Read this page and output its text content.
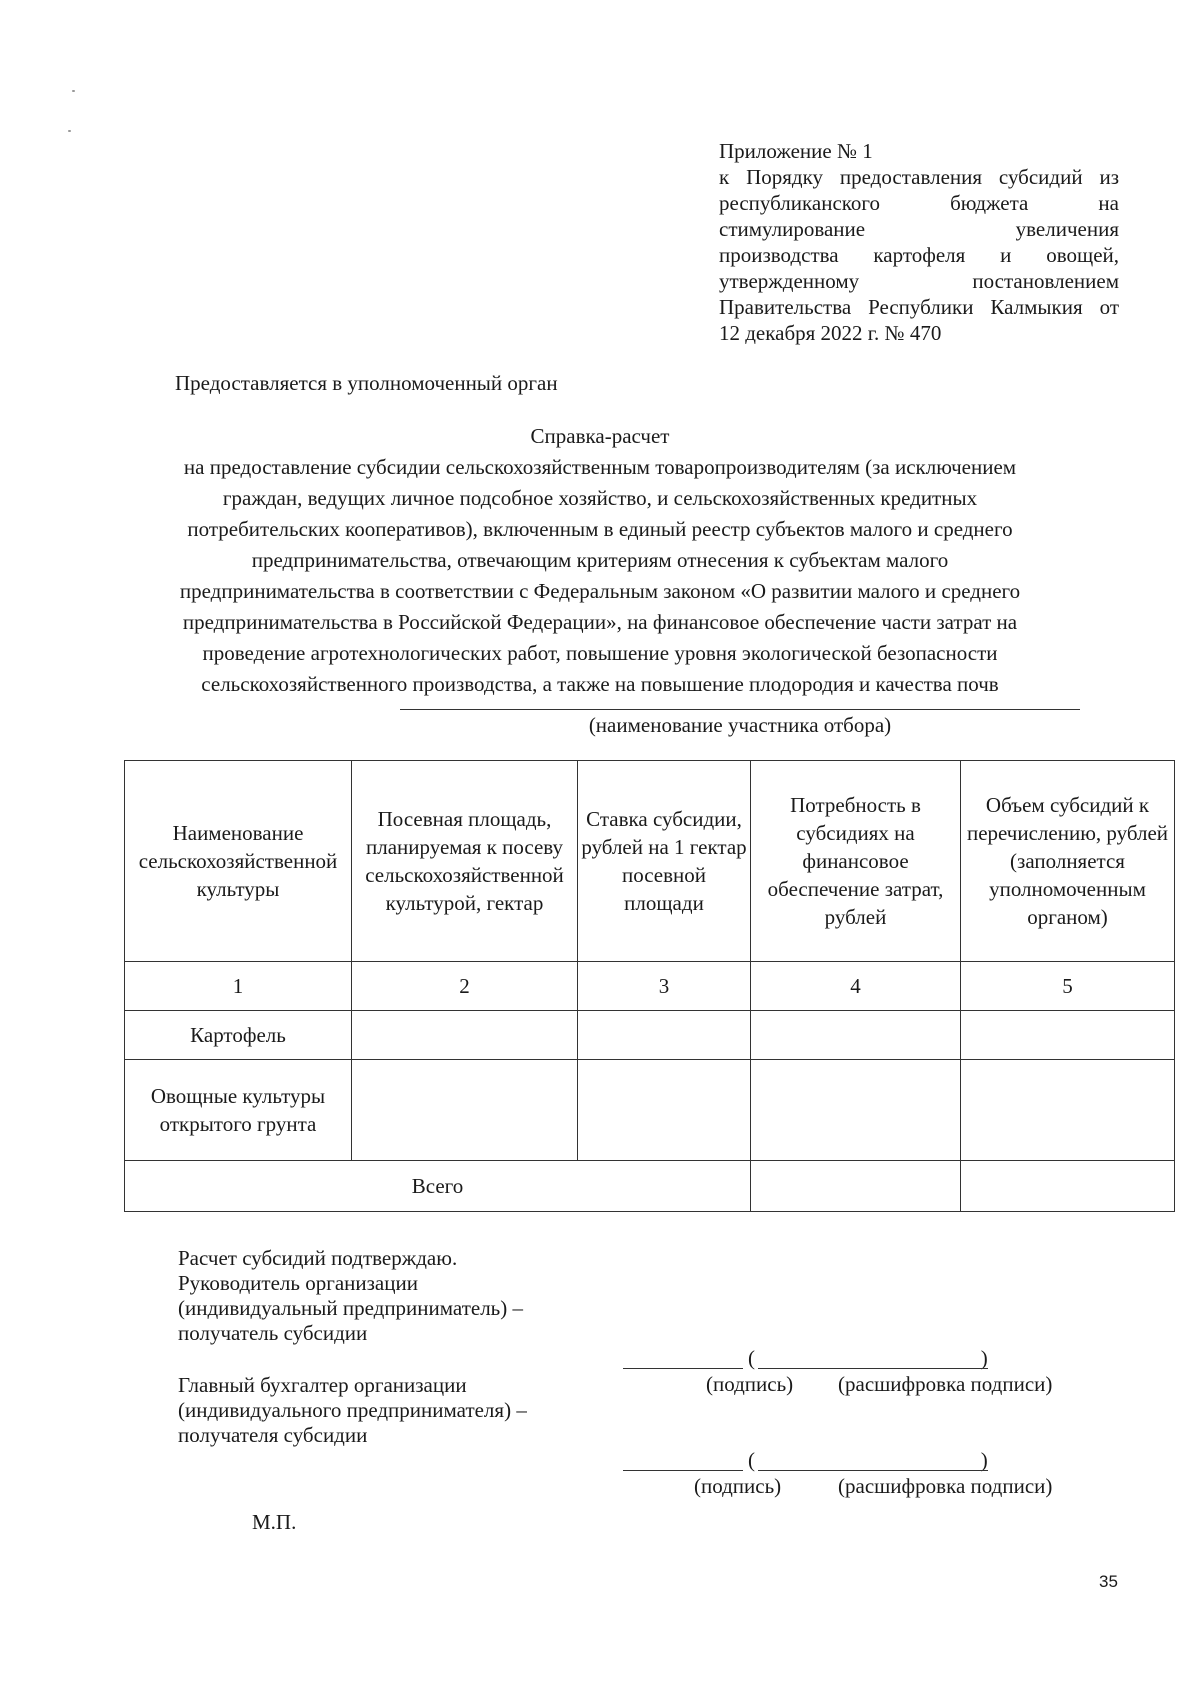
Приложение № 1
к Порядку предоставления субсидий из
республиканского бюджета на
стимулирование увеличения
производства картофеля и овощей,
утвержденному постановлением
Правительства Республики Калмыкия от
12 декабря 2022 г. № 470
Предоставляется в уполномоченный орган
Справка-расчет
на предоставление субсидии сельскохозяйственным товаропроизводителям (за исключением
граждан, ведущих личное подсобное хозяйство, и сельскохозяйственных кредитных
потребительских кооперативов), включенным в единый реестр субъектов малого и среднего
предпринимательства, отвечающим критериям отнесения к субъектам малого
предпринимательства в соответствии с Федеральным законом «О развитии малого и среднего
предпринимательства в Российской Федерации», на финансовое обеспечение части затрат на
проведение агротехнологических работ, повышение уровня экологической безопасности
сельскохозяйственного производства, а также на повышение плодородия и качества почв
(наименование участника отбора)
Наименование сельскохозяйственной культуры	Посевная площадь, планируемая к посеву сельскохозяйственной культурой, гектар	Ставка субсидии, рублей на 1 гектар посевной площади	Потребность в субсидиях на финансовое обеспечение затрат, рублей	Объем субсидий к перечислению, рублей (заполняется уполномоченным органом)
1	2	3	4	5
Картофель				
Овощные культуры открытого грунта				
Всего				
Расчет субсидий подтверждаю.
Руководитель организации
(индивидуальный предприниматель) –
получатель субсидии
(                                           )
(подпись) (расшифровка подписи)
Главный бухгалтер организации
(индивидуального предпринимателя) –
получателя субсидии
(                                           )
(подпись)	(расшифровка подписи)
М.П.
35
